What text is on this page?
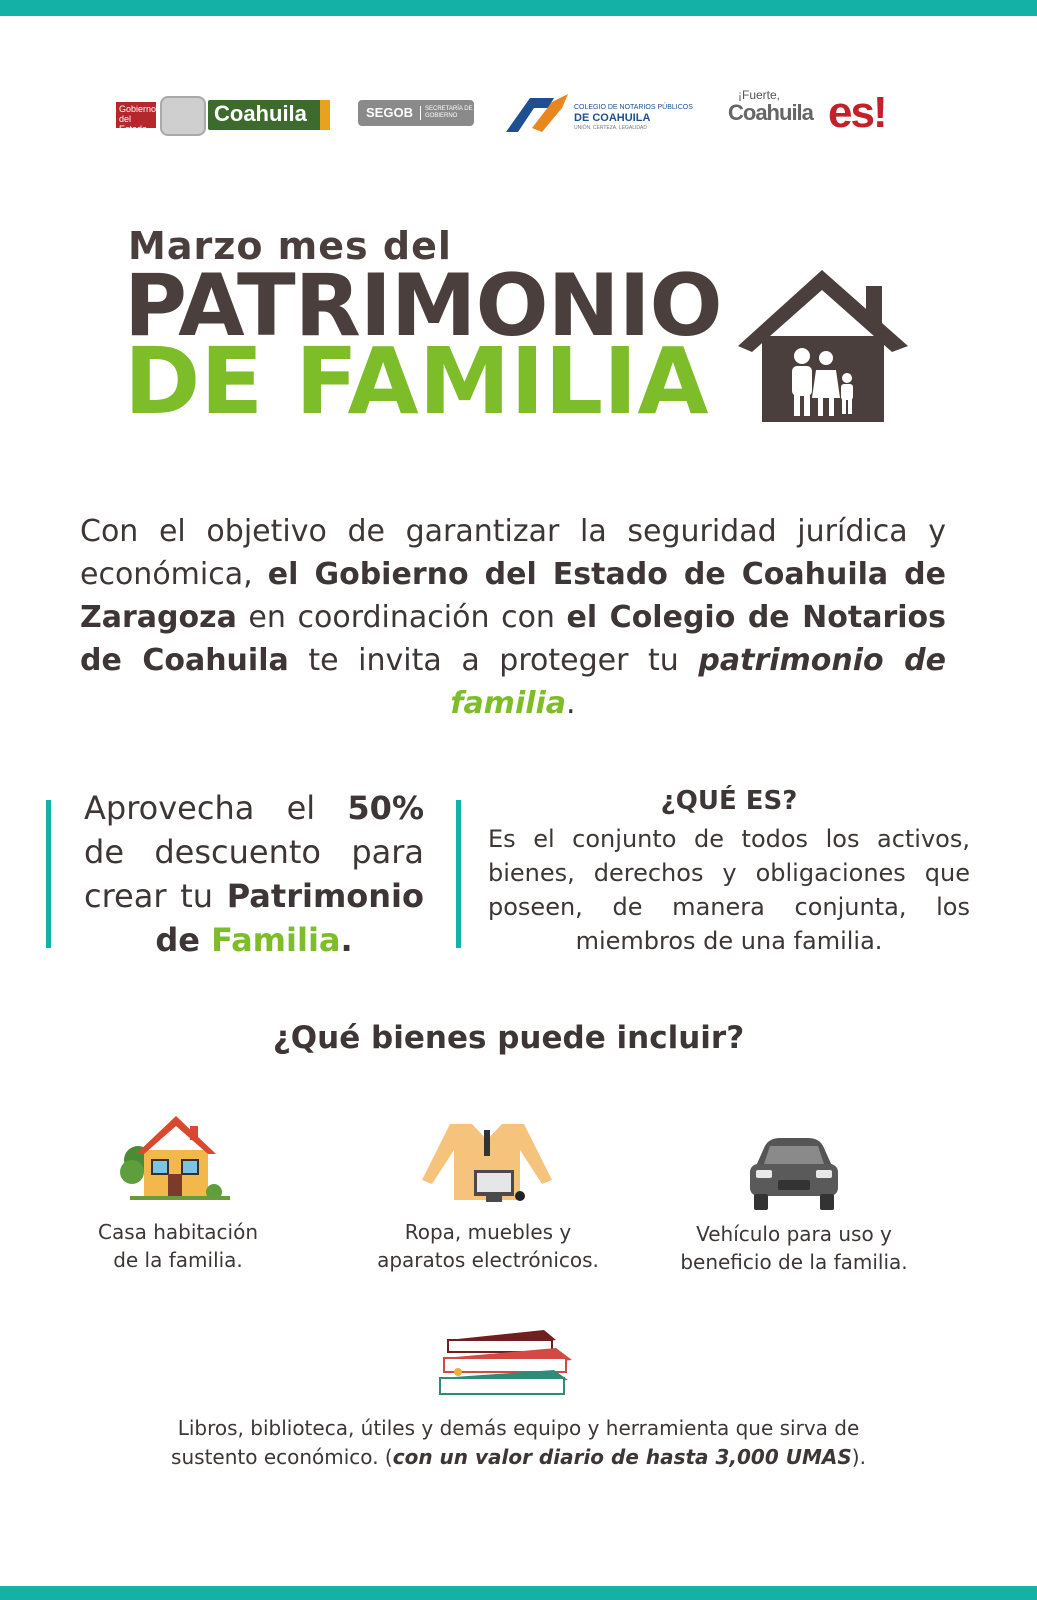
Gobierno del Estado
Coahuila	SEGOB	SECRETARÍA DE GOBIERNO
COLEGIO DE NOTARIOS PÚBLICOS
DE COAHUILA
UNIÓN, CERTEZA, LEGALIDAD
¡Fuerte,
Coahuila es!
Marzo mes del
PATRIMONIO
DE FAMILIA
Con el objetivo de garantizar la seguridad jurídica y económica, el Gobierno del Estado de Coahuila de Zaragoza en coordinación con el Colegio de Notarios de Coahuila te invita a proteger tu patrimonio de familia.
Aprovecha el 50% de descuento para crear tu Patrimonio de Familia.
¿QUÉ ES?
Es el conjunto de todos los activos, bienes, derechos y obligaciones que poseen, de manera conjunta, los miembros de una familia.
¿Qué bienes puede incluir?
Casa habitación
de la familia.
Ropa, muebles y
aparatos electrónicos.
Vehículo para uso y
beneficio de la familia.
Libros, biblioteca, útiles y demás equipo y herramienta que sirva de
sustento económico. (con un valor diario de hasta 3,000 UMAS).
